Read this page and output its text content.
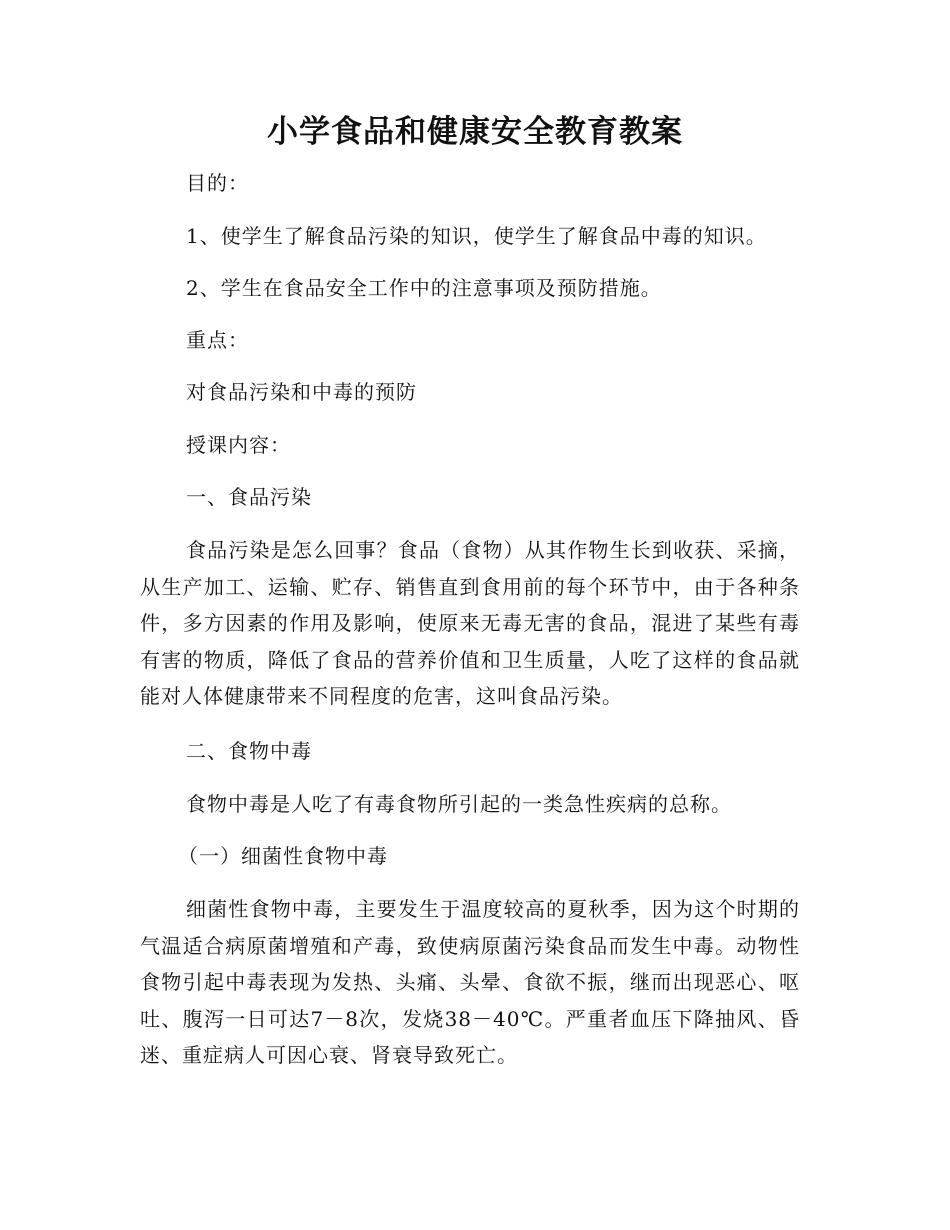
小学食品和健康安全教育教案
目的：
1、使学生了解食品污染的知识，使学生了解食品中毒的知识。
2、学生在食品安全工作中的注意事项及预防措施。
重点：
对食品污染和中毒的预防
授课内容：
一、食品污染
食品污染是怎么回事？食品（食物）从其作物生长到收获、采摘，从生产加工、运输、贮存、销售直到食用前的每个环节中，由于各种条件，多方因素的作用及影响，使原来无毒无害的食品，混进了某些有毒有害的物质，降低了食品的营养价值和卫生质量，人吃了这样的食品就能对人体健康带来不同程度的危害，这叫食品污染。
二、食物中毒
食物中毒是人吃了有毒食物所引起的一类急性疾病的总称。
（一）细菌性食物中毒
细菌性食物中毒，主要发生于温度较高的夏秋季，因为这个时期的气温适合病原菌增殖和产毒，致使病原菌污染食品而发生中毒。动物性食物引起中毒表现为发热、头痛、头晕、食欲不振，继而出现恶心、呕吐、腹泻一日可达7－8次，发烧38－40℃。严重者血压下降抽风、昏迷、重症病人可因心衰、肾衰导致死亡。
